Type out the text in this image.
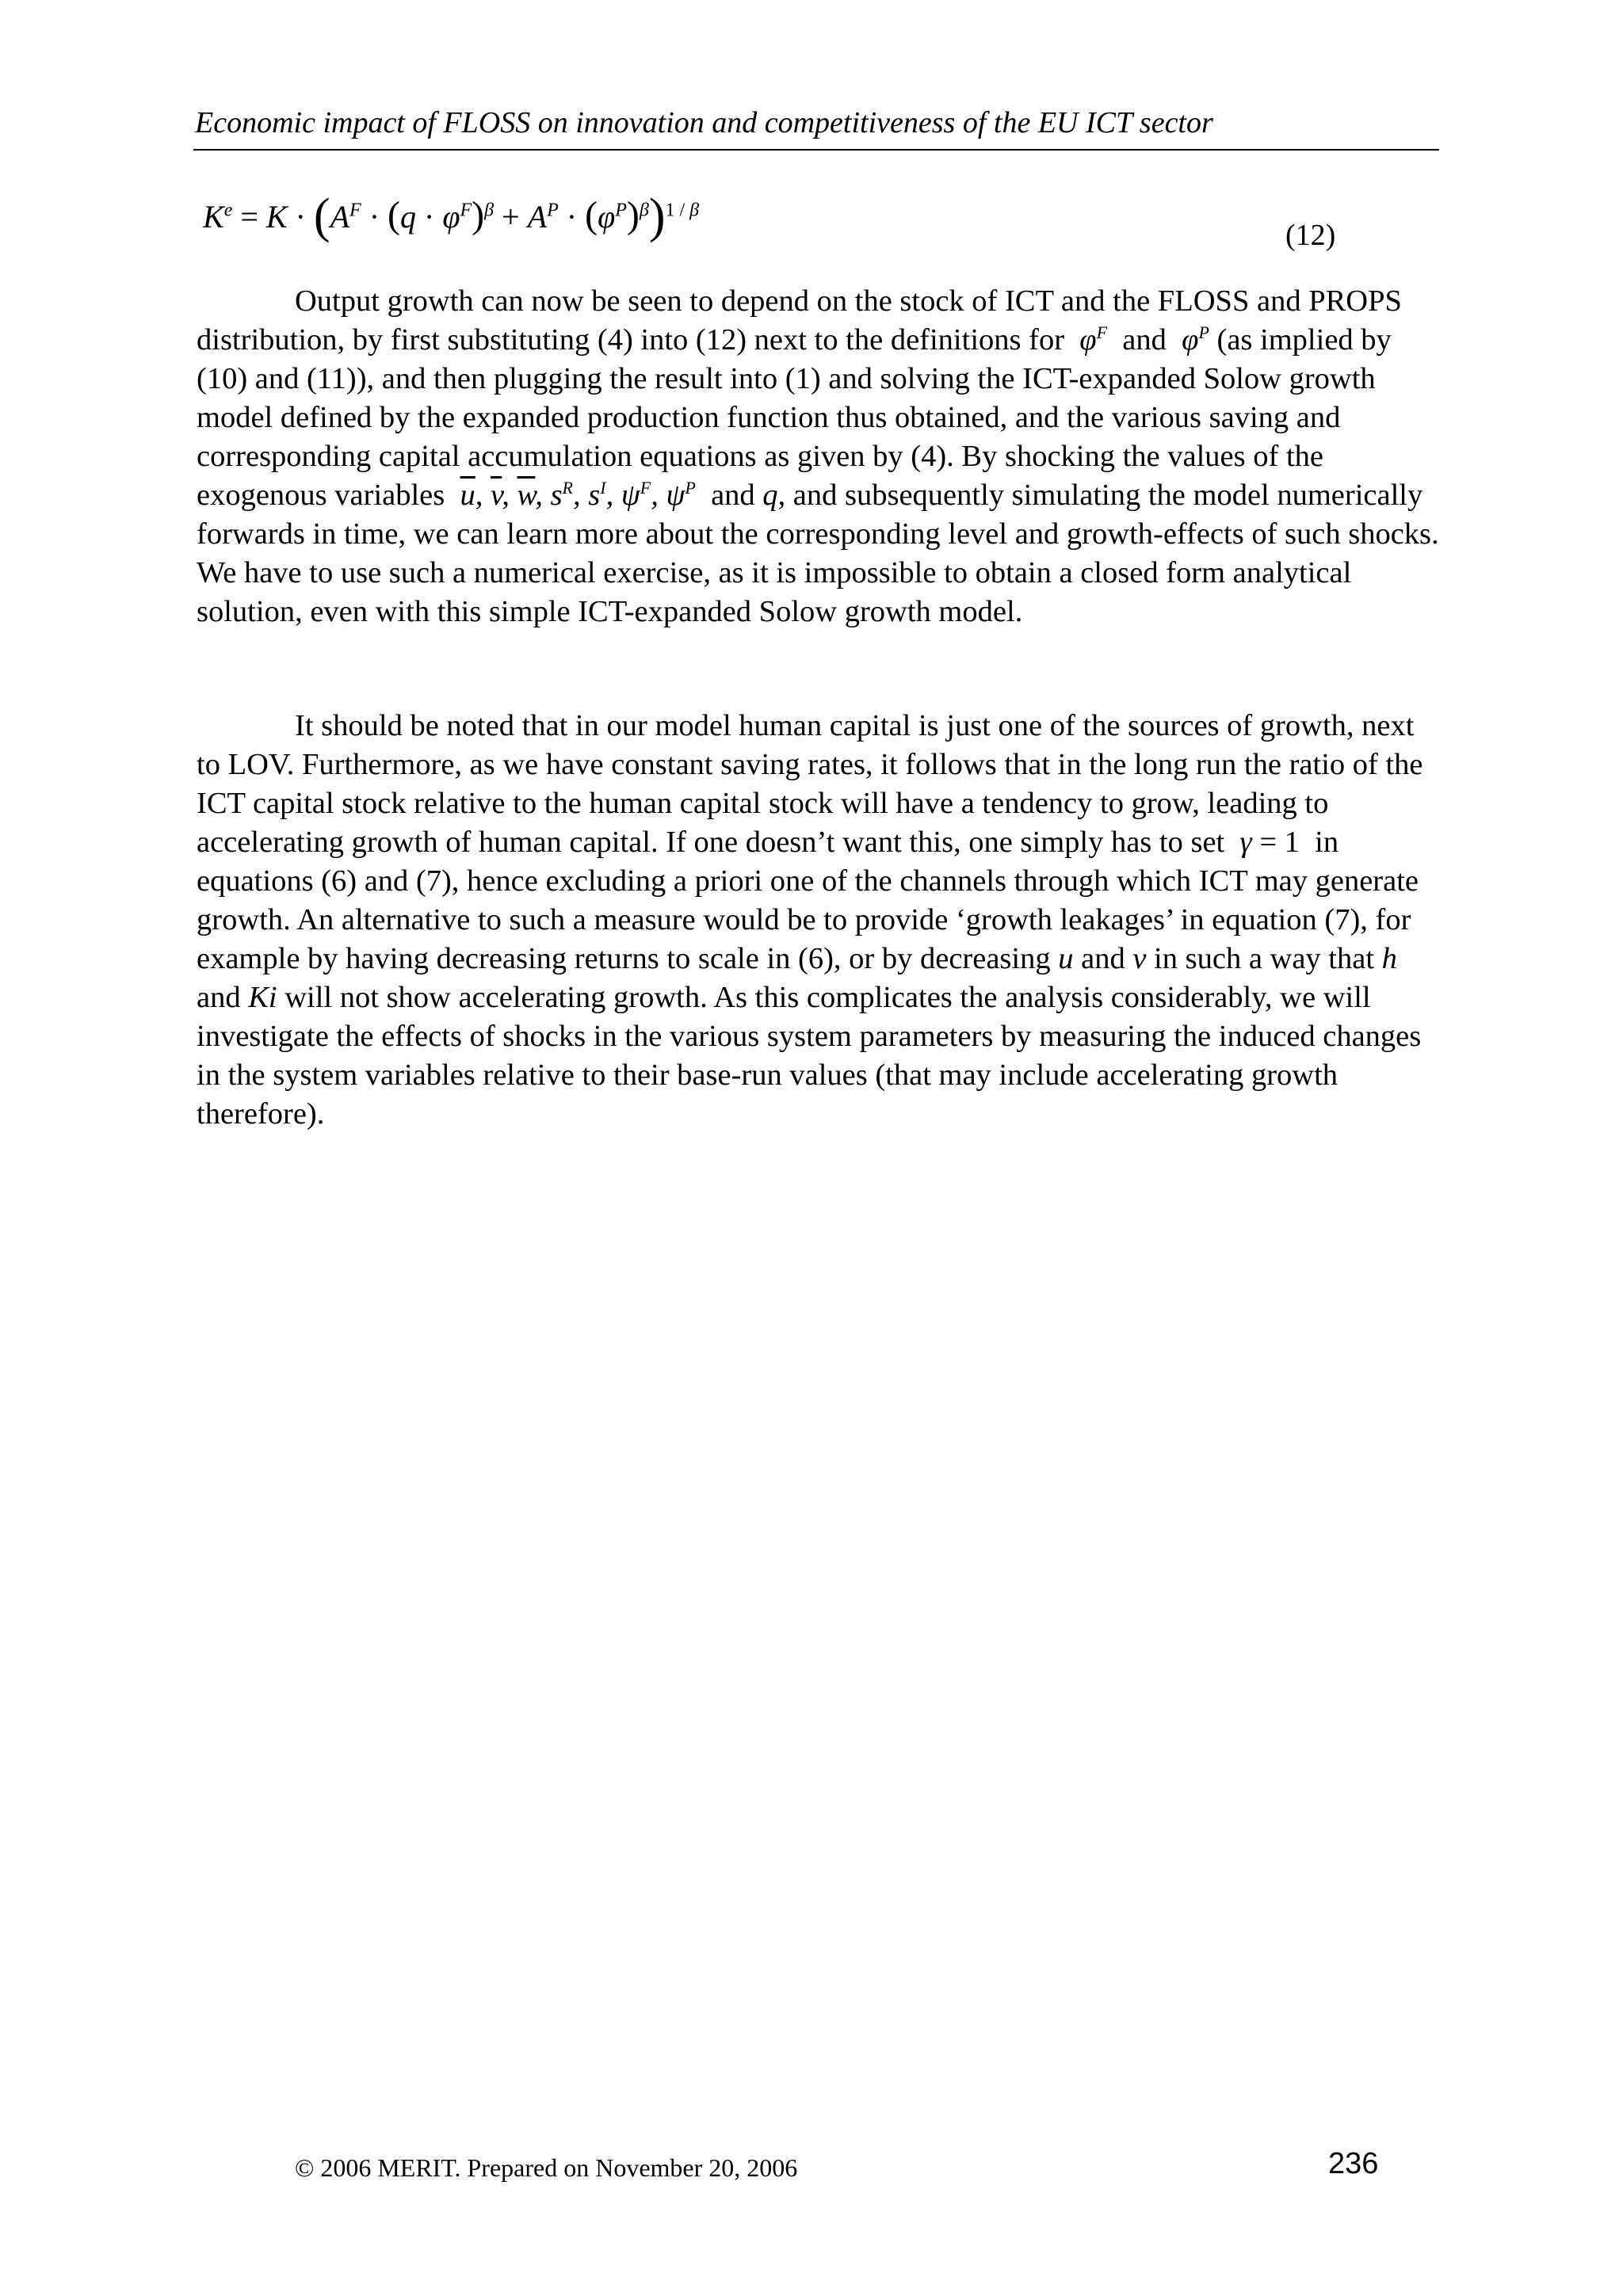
Economic impact of FLOSS on innovation and competitiveness of the EU ICT sector
$K^e = K \cdot (A^F \cdot (q \cdot \varphi^F)^\beta + A^P \cdot (\varphi^P)^\beta)^{1 / \beta}$
(12)

Output growth can now be seen to depend on the stock of ICT and the FLOSS and PROPS distribution, by first substituting (4) into (12) next to the definitions for $\varphi^F$ and $\varphi^P$ (as implied by (10) and (11)), and then plugging the result into (1) and solving the ICT-expanded Solow growth model defined by the expanded production function thus obtained, and the various saving and corresponding capital accumulation equations as given by (4). By shocking the values of the exogenous variables $\overline{u}$, $\overline{v}$, $\overline{w}$, $s^R$, $s^I$, $\psi^F$, $\psi^P$ and q, and subsequently simulating the model numerically forwards in time, we can learn more about the corresponding level and growth-effects of such shocks. We have to use such a numerical exercise, as it is impossible to obtain a closed form analytical solution, even with this simple ICT-expanded Solow growth model.

It should be noted that in our model human capital is just one of the sources of growth, next to LOV. Furthermore, as we have constant saving rates, it follows that in the long run the ratio of the ICT capital stock relative to the human capital stock will have a tendency to grow, leading to accelerating growth of human capital. If one doesn’t want this, one simply has to set γ = 1 in equations (6) and (7), hence excluding a priori one of the channels through which ICT may generate growth. An alternative to such a measure would be to provide ‘growth leakages’ in equation (7), for example by having decreasing returns to scale in (6), or by decreasing u and v in such a way that h and Ki will not show accelerating growth. As this complicates the analysis considerably, we will investigate the effects of shocks in the various system parameters by measuring the induced changes in the system variables relative to their base-run values (that may include accelerating growth therefore).

© 2006 MERIT. Prepared on November 20, 2006	236
